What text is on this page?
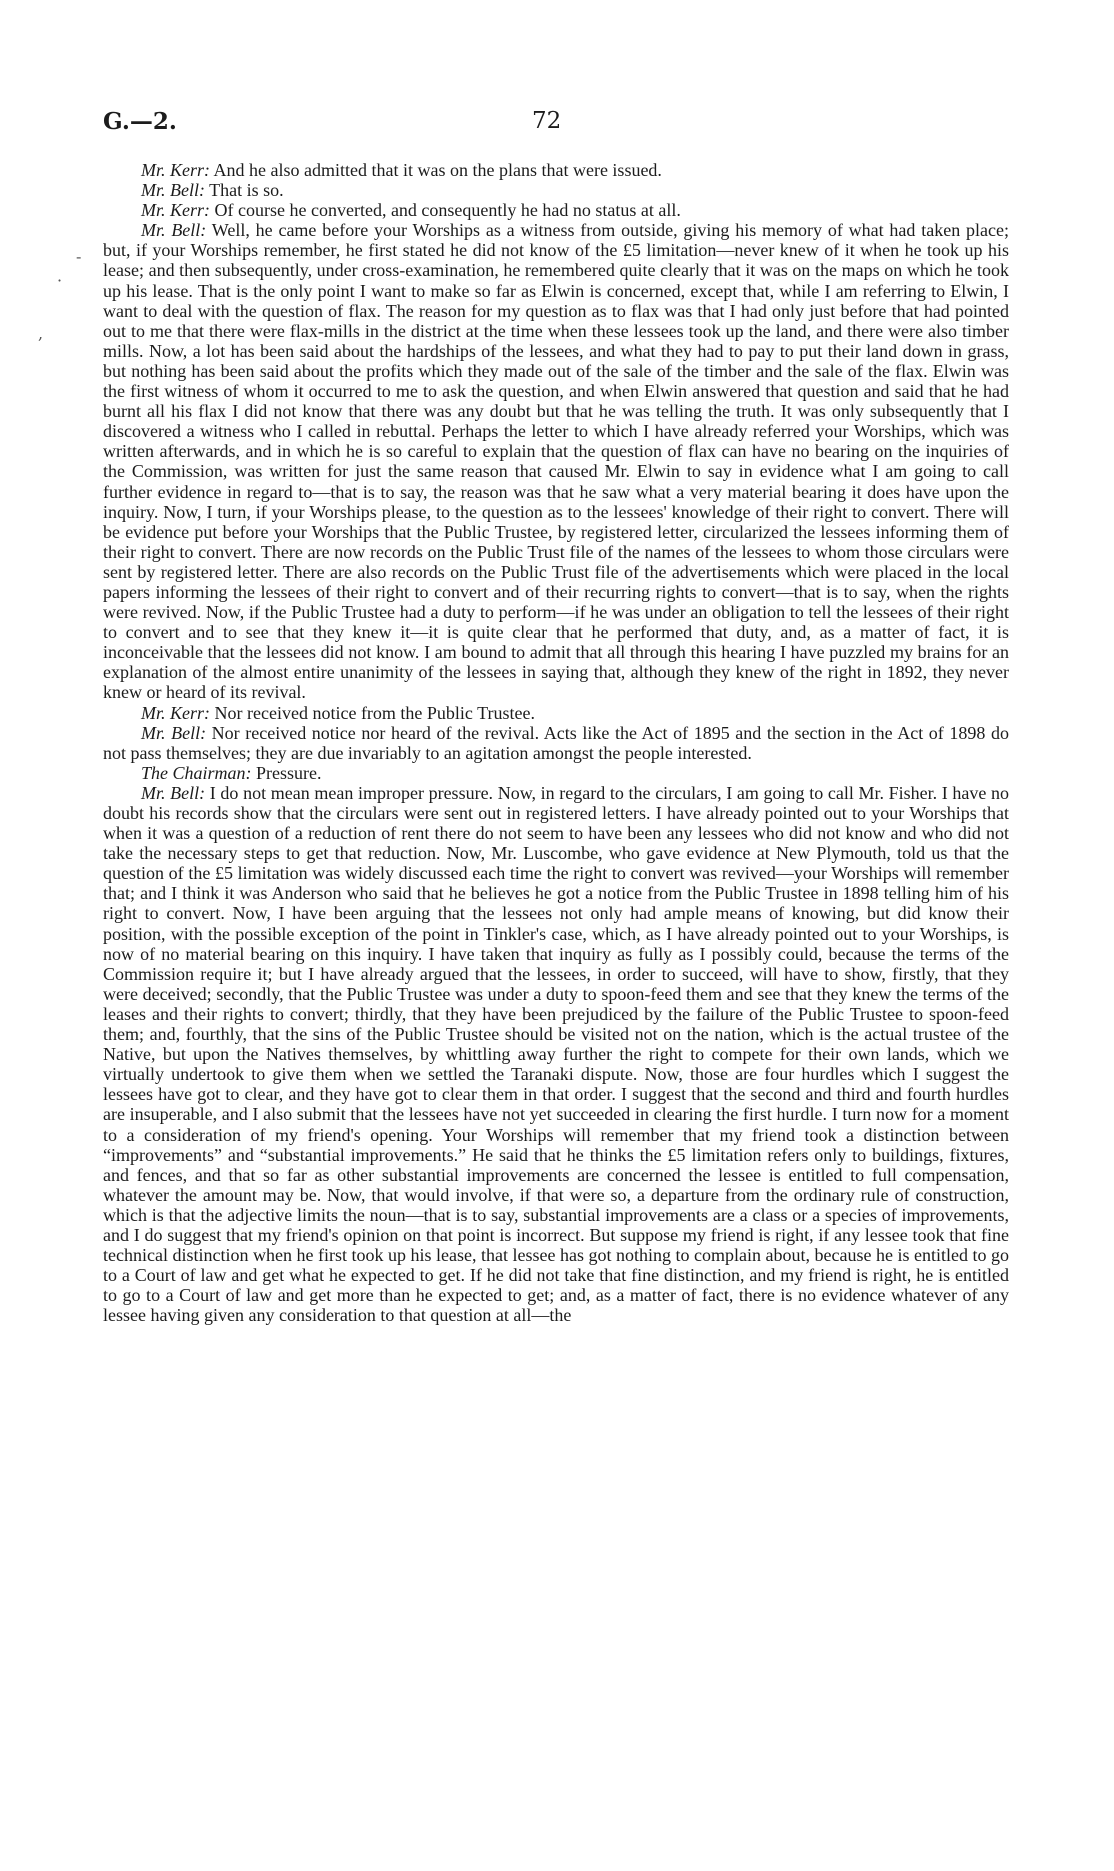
G.—2.	72
-
·
,

Mr. Kerr: And he also admitted that it was on the plans that were issued.

Mr. Bell: That is so.

Mr. Kerr: Of course he converted, and consequently he had no status at all.

Mr. Bell: Well, he came before your Worships as a witness from outside, giving his memory of what had taken place; but, if your Worships remember, he first stated he did not know of the £5 limitation—never knew of it when he took up his lease; and then subsequently, under cross-examination, he remembered quite clearly that it was on the maps on which he took up his lease. That is the only point I want to make so far as Elwin is concerned, except that, while I am referring to Elwin, I want to deal with the question of flax. The reason for my question as to flax was that I had only just before that had pointed out to me that there were flax-mills in the district at the time when these lessees took up the land, and there were also timber mills. Now, a lot has been said about the hardships of the lessees, and what they had to pay to put their land down in grass, but nothing has been said about the profits which they made out of the sale of the timber and the sale of the flax. Elwin was the first witness of whom it occurred to me to ask the question, and when Elwin answered that question and said that he had burnt all his flax I did not know that there was any doubt but that he was telling the truth. It was only subsequently that I discovered a witness who I called in rebuttal. Perhaps the letter to which I have already referred your Worships, which was written afterwards, and in which he is so careful to explain that the question of flax can have no bearing on the inquiries of the Commission, was written for just the same reason that caused Mr. Elwin to say in evidence what I am going to call further evidence in regard to—that is to say, the reason was that he saw what a very material bearing it does have upon the inquiry. Now, I turn, if your Worships please, to the question as to the lessees' knowledge of their right to convert. There will be evidence put before your Worships that the Public Trustee, by registered letter, circularized the lessees informing them of their right to convert. There are now records on the Public Trust file of the names of the lessees to whom those circulars were sent by registered letter. There are also records on the Public Trust file of the advertisements which were placed in the local papers informing the lessees of their right to convert and of their recurring rights to convert—that is to say, when the rights were revived. Now, if the Public Trustee had a duty to perform—if he was under an obligation to tell the lessees of their right to convert and to see that they knew it—it is quite clear that he performed that duty, and, as a matter of fact, it is inconceivable that the lessees did not know. I am bound to admit that all through this hearing I have puzzled my brains for an explanation of the almost entire unanimity of the lessees in saying that, although they knew of the right in 1892, they never knew or heard of its revival.

Mr. Kerr: Nor received notice from the Public Trustee.

Mr. Bell: Nor received notice nor heard of the revival. Acts like the Act of 1895 and the section in the Act of 1898 do not pass themselves; they are due invariably to an agitation amongst the people interested.

The Chairman: Pressure.

Mr. Bell: I do not mean mean improper pressure. Now, in regard to the circulars, I am going to call Mr. Fisher. I have no doubt his records show that the circulars were sent out in registered letters. I have already pointed out to your Worships that when it was a question of a reduction of rent there do not seem to have been any lessees who did not know and who did not take the necessary steps to get that reduction. Now, Mr. Luscombe, who gave evidence at New Plymouth, told us that the question of the £5 limitation was widely discussed each time the right to convert was revived—your Worships will remember that; and I think it was Anderson who said that he believes he got a notice from the Public Trustee in 1898 telling him of his right to convert. Now, I have been arguing that the lessees not only had ample means of knowing, but did know their position, with the possible exception of the point in Tinkler's case, which, as I have already pointed out to your Worships, is now of no material bearing on this inquiry. I have taken that inquiry as fully as I possibly could, because the terms of the Commission require it; but I have already argued that the lessees, in order to succeed, will have to show, firstly, that they were deceived; secondly, that the Public Trustee was under a duty to spoon-feed them and see that they knew the terms of the leases and their rights to convert; thirdly, that they have been prejudiced by the failure of the Public Trustee to spoon-feed them; and, fourthly, that the sins of the Public Trustee should be visited not on the nation, which is the actual trustee of the Native, but upon the Natives themselves, by whittling away further the right to compete for their own lands, which we virtually undertook to give them when we settled the Taranaki dispute. Now, those are four hurdles which I suggest the lessees have got to clear, and they have got to clear them in that order. I suggest that the second and third and fourth hurdles are insuperable, and I also submit that the lessees have not yet succeeded in clearing the first hurdle. I turn now for a moment to a consideration of my friend's opening. Your Worships will remember that my friend took a distinction between “improvements” and “substantial improvements.” He said that he thinks the £5 limitation refers only to buildings, fixtures, and fences, and that so far as other substantial improvements are concerned the lessee is entitled to full compensation, whatever the amount may be. Now, that would involve, if that were so, a departure from the ordinary rule of construction, which is that the adjective limits the noun—that is to say, substantial improvements are a class or a species of improvements, and I do suggest that my friend's opinion on that point is incorrect. But suppose my friend is right, if any lessee took that fine technical distinction when he first took up his lease, that lessee has got nothing to complain about, because he is entitled to go to a Court of law and get what he expected to get. If he did not take that fine distinction, and my friend is right, he is entitled to go to a Court of law and get more than he expected to get; and, as a matter of fact, there is no evidence whatever of any lessee having given any consideration to that question at all—the
